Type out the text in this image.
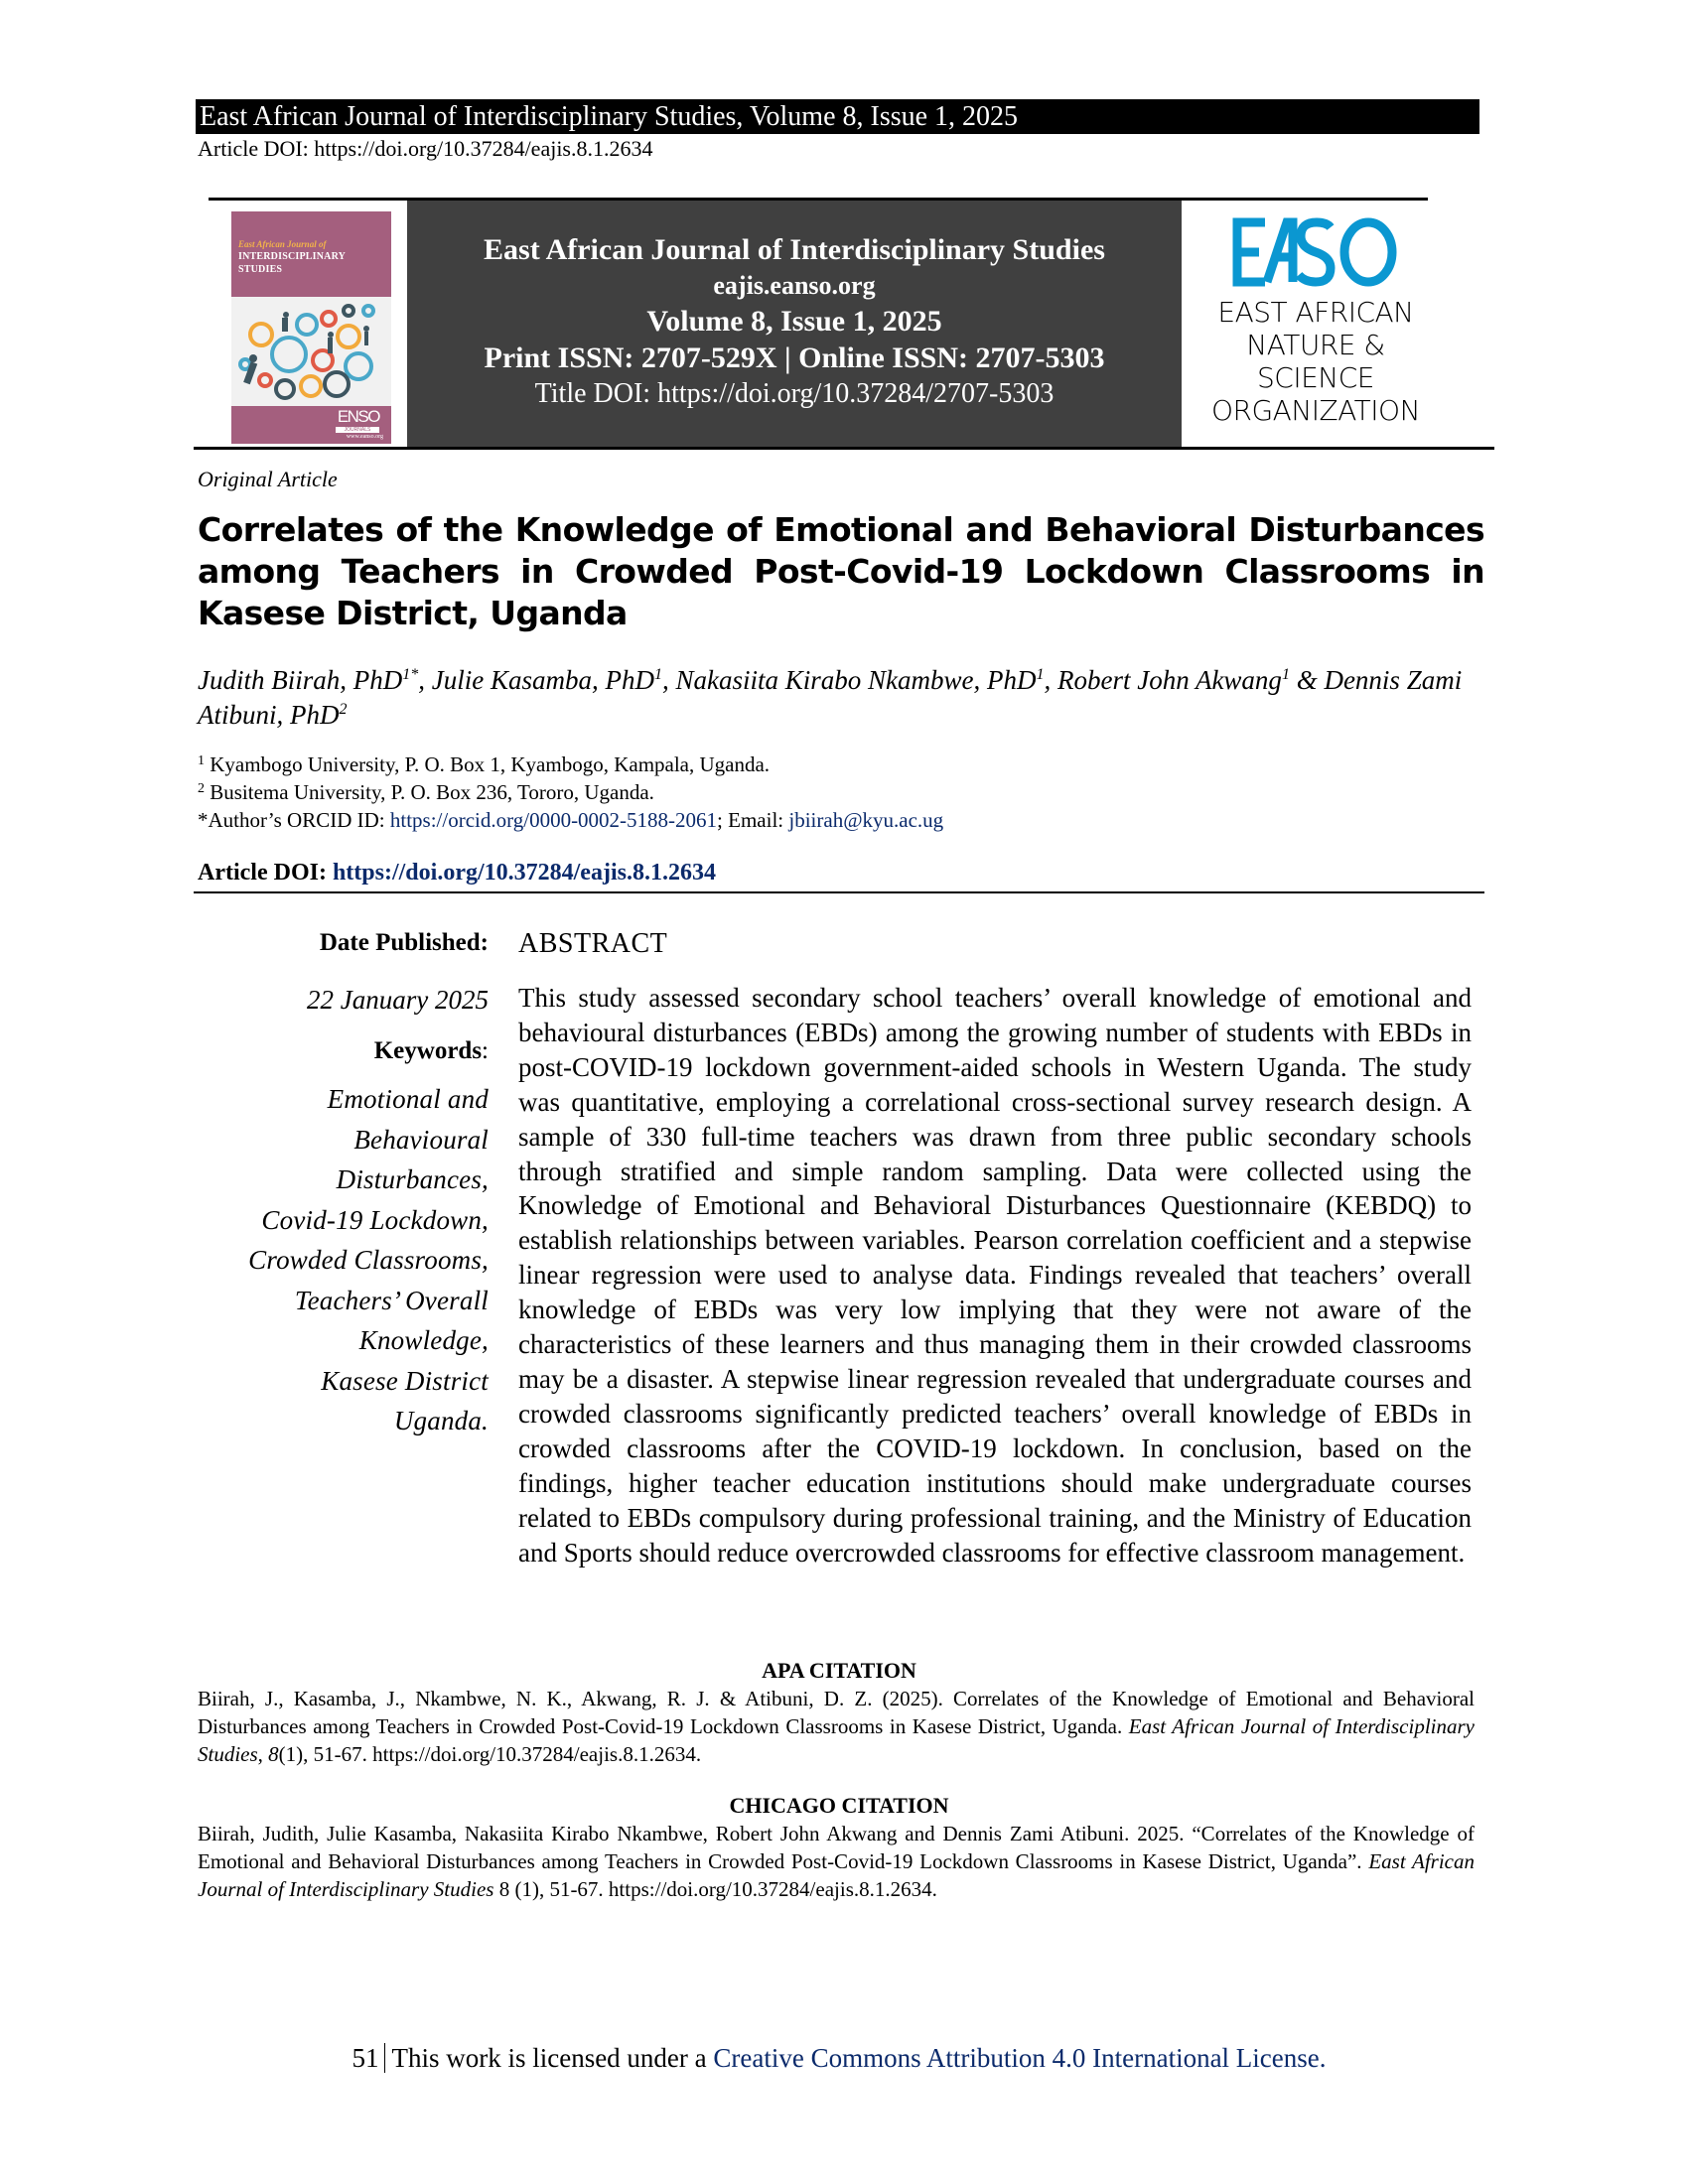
East African Journal of Interdisciplinary Studies, Volume 8, Issue 1, 2025
Article DOI: https://doi.org/10.37284/eajis.8.1.2634
East African Journal of
INTERDISCIPLINARY
STUDIES
ENSO
JOURNALS
www.eanso.org
East African Journal of Interdisciplinary Studies
eajis.eanso.org
Volume 8, Issue 1, 2025
Print ISSN: 2707-529X | Online ISSN: 2707-5303
Title DOI: https://doi.org/10.37284/2707-5303
EAST AFRICAN
NATURE &
SCIENCE
ORGANIZATION
Original Article
Correlates of the Knowledge of Emotional and Behavioral Disturbances among Teachers in Crowded Post-Covid-19 Lockdown Classrooms in Kasese District, Uganda
Judith Biirah, PhD$^{1*}$, Julie Kasamba, PhD$^1$, Nakasiita Kirabo Nkambwe, PhD$^1$, Robert John Akwang$^1$ & Dennis Zami Atibuni, PhD$^2$
$^1$ Kyambogo University, P. O. Box 1, Kyambogo, Kampala, Uganda.
$^2$ Busitema University, P. O. Box 236, Tororo, Uganda.
*Author’s ORCID ID: https://orcid.org/0000-0002-5188-2061; Email: jbiirah@kyu.ac.ug
Article DOI: https://doi.org/10.37284/eajis.8.1.2634
Date Published:
22 January 2025
Keywords:
Emotional and
Behavioural
Disturbances,
Covid-19 Lockdown,
Crowded Classrooms,
Teachers’ Overall
Knowledge,
Kasese District
Uganda.
ABSTRACT
This study assessed secondary school teachers’ overall knowledge of emotional and behavioural disturbances (EBDs) among the growing number of students with EBDs in post-COVID-19 lockdown government-aided schools in Western Uganda. The study was quantitative, employing a correlational cross-sectional survey research design. A sample of 330 full-time teachers was drawn from three public secondary schools through stratified and simple random sampling. Data were collected using the Knowledge of Emotional and Behavioral Disturbances Questionnaire (KEBDQ) to establish relationships between variables. Pearson correlation coefficient and a stepwise linear regression were used to analyse data. Findings revealed that teachers’ overall knowledge of EBDs was very low implying that they were not aware of the characteristics of these learners and thus managing them in their crowded classrooms may be a disaster. A stepwise linear regression revealed that undergraduate courses and crowded classrooms significantly predicted teachers’ overall knowledge of EBDs in crowded classrooms after the COVID-19 lockdown. In conclusion, based on the findings, higher teacher education institutions should make undergraduate courses related to EBDs compulsory during professional training, and the Ministry of Education and Sports should reduce overcrowded classrooms for effective classroom management.
APA CITATION
Biirah, J., Kasamba, J., Nkambwe, N. K., Akwang, R. J. & Atibuni, D. Z. (2025). Correlates of the Knowledge of Emotional and Behavioral Disturbances among Teachers in Crowded Post-Covid-19 Lockdown Classrooms in Kasese District, Uganda. East African Journal of Interdisciplinary Studies, 8(1), 51-67. https://doi.org/10.37284/eajis.8.1.2634.
CHICAGO CITATION
Biirah, Judith, Julie Kasamba, Nakasiita Kirabo Nkambwe, Robert John Akwang and Dennis Zami Atibuni. 2025. “Correlates of the Knowledge of Emotional and Behavioral Disturbances among Teachers in Crowded Post-Covid-19 Lockdown Classrooms in Kasese District, Uganda”. East African Journal of Interdisciplinary Studies 8 (1), 51-67. https://doi.org/10.37284/eajis.8.1.2634.
51 This work is licensed under a Creative Commons Attribution 4.0 International License.
